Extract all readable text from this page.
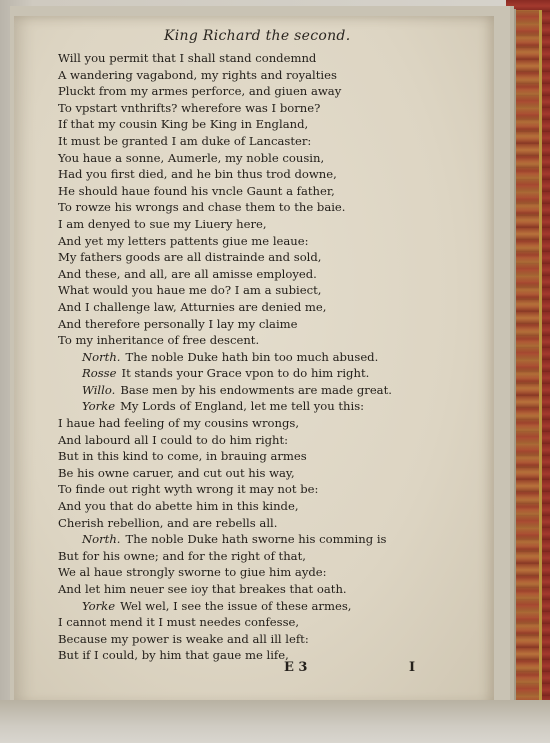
King Richard the second.
Will you permit that I shall stand condemnd
A wandering vagabond, my rights and royalties
Pluckt from my armes perforce, and giuen away
To vpstart vnthrifts? wherefore was I borne?
If that my cousin King be King in England,
It must be granted I am duke of Lancaster:
You haue a sonne, Aumerle, my noble cousin,
Had you first died, and he bin thus trod downe,
He should haue found his vncle Gaunt a father,
To rowze his wrongs and chase them to the baie.
I am denyed to sue my Liuery here,
And yet my letters pattents giue me leaue:
My fathers goods are all distrainde and sold,
And these, and all, are all amisse employed.
What would you haue me do? I am a subiect,
And I challenge law, Atturnies are denied me,
And therefore personally I lay my claime
To my inheritance of free descent.
North. The noble Duke hath bin too much abused.
Rosse It stands your Grace vpon to do him right.
Willo. Base men by his endowments are made great.
Yorke My Lords of England, let me tell you this:
I haue had feeling of my cousins wrongs,
And labourd all I could to do him right:
But in this kind to come, in brauing armes
Be his owne caruer, and cut out his way,
To finde out right wyth wrong it may not be:
And you that do abette him in this kinde,
Cherish rebellion, and are rebells all.
North. The noble Duke hath sworne his comming is
But for his owne; and for the right of that,
We al haue strongly sworne to giue him ayde:
And let him neuer see ioy that breakes that oath.
Yorke Wel wel, I see the issue of these armes,
I cannot mend it I must needes confesse,
Because my power is weake and all ill left:
But if I could, by him that gaue me life,
E 3	I
